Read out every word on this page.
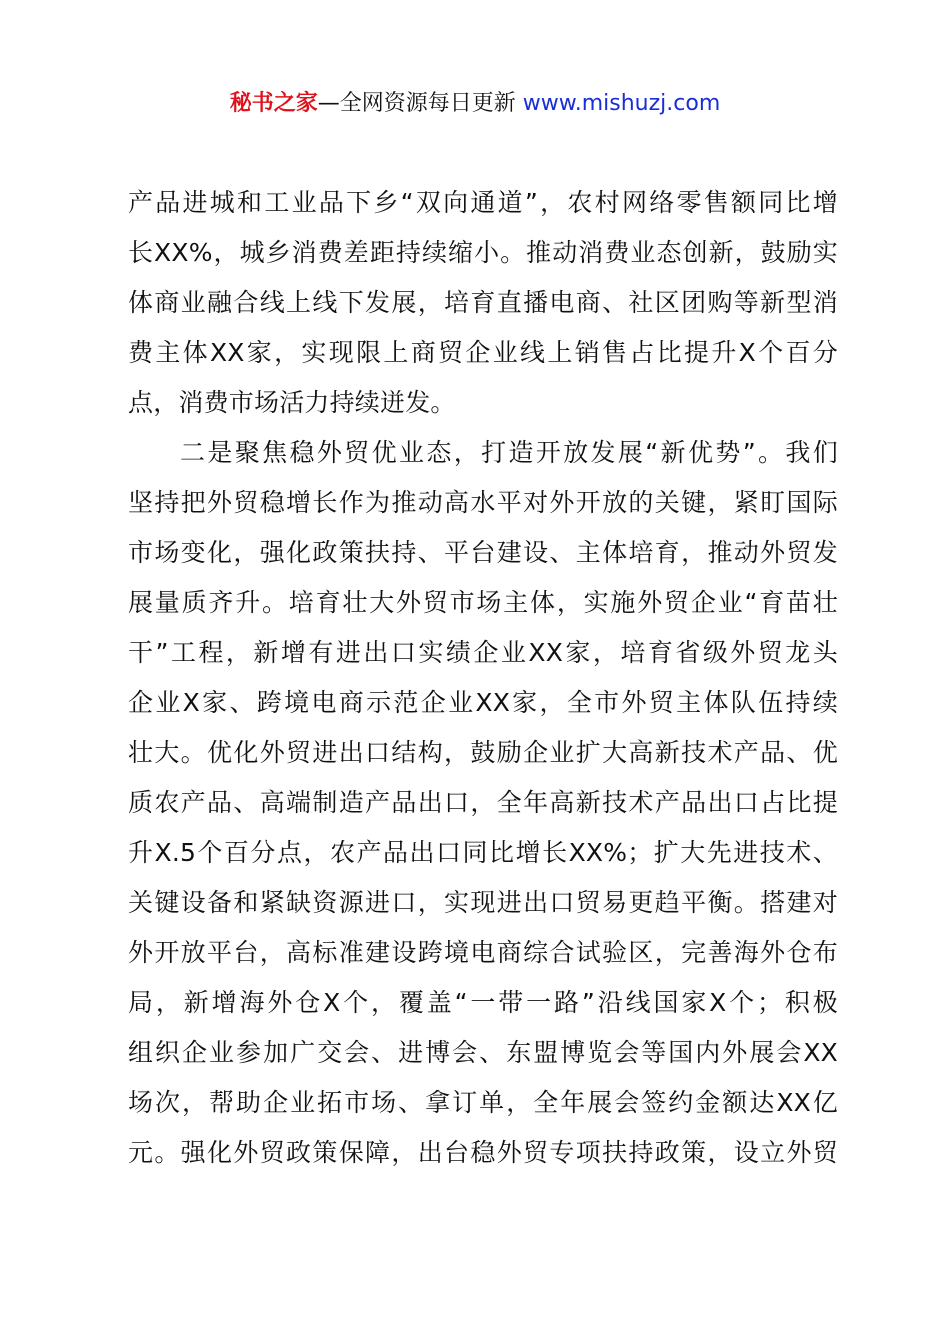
秘书之家—全网资源每日更新 www.mishuzj.com
产品进城和工业品下乡“双向通道”，农村网络零售额同比增
长XX%，城乡消费差距持续缩小。推动消费业态创新，鼓励实
体商业融合线上线下发展，培育直播电商、社区团购等新型消
费主体XX家，实现限上商贸企业线上销售占比提升X个百分
点，消费市场活力持续迸发。
二是聚焦稳外贸优业态，打造开放发展“新优势”。我们
坚持把外贸稳增长作为推动高水平对外开放的关键，紧盯国际
市场变化，强化政策扶持、平台建设、主体培育，推动外贸发
展量质齐升。培育壮大外贸市场主体，实施外贸企业“育苗壮
干”工程，新增有进出口实绩企业XX家，培育省级外贸龙头
企业X家、跨境电商示范企业XX家，全市外贸主体队伍持续
壮大。优化外贸进出口结构，鼓励企业扩大高新技术产品、优
质农产品、高端制造产品出口，全年高新技术产品出口占比提
升X.5个百分点，农产品出口同比增长XX%；扩大先进技术、
关键设备和紧缺资源进口，实现进出口贸易更趋平衡。搭建对
外开放平台，高标准建设跨境电商综合试验区，完善海外仓布
局，新增海外仓X个，覆盖“一带一路”沿线国家X个；积极
组织企业参加广交会、进博会、东盟博览会等国内外展会XX
场次，帮助企业拓市场、拿订单，全年展会签约金额达XX亿
元。强化外贸政策保障，出台稳外贸专项扶持政策，设立外贸
